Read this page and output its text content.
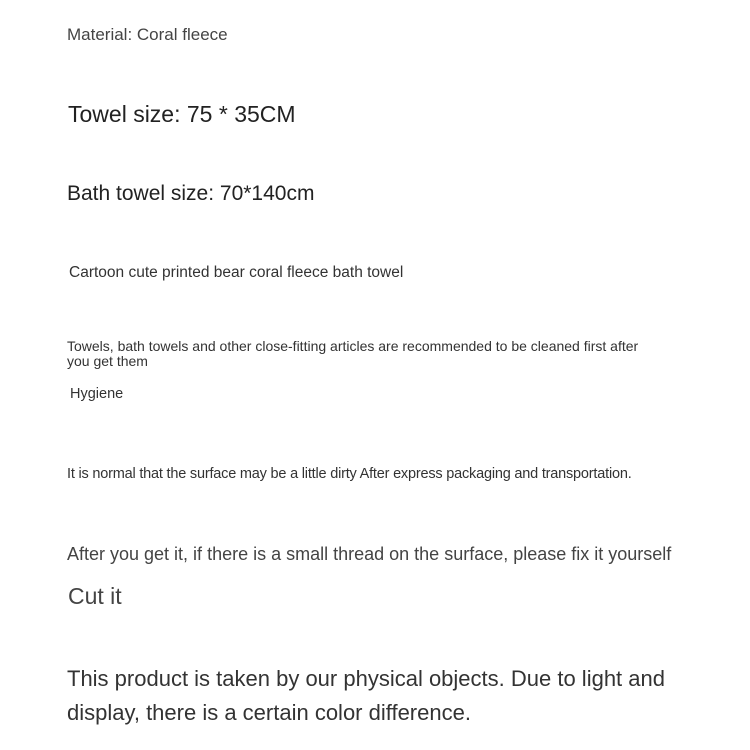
Material: Coral fleece

Towel size: 75 * 35CM

Bath towel size: 70*140cm

Cartoon cute printed bear coral fleece bath towel

Towels, bath towels and other close-fitting articles are recommended to be cleaned first after you get them

Hygiene

It is normal that the surface may be a little dirty After express packaging and transportation.

After you get it, if there is a small thread on the surface, please fix it yourself

Cut it

This product is taken by our physical objects. Due to light and display, there is a certain color difference.
